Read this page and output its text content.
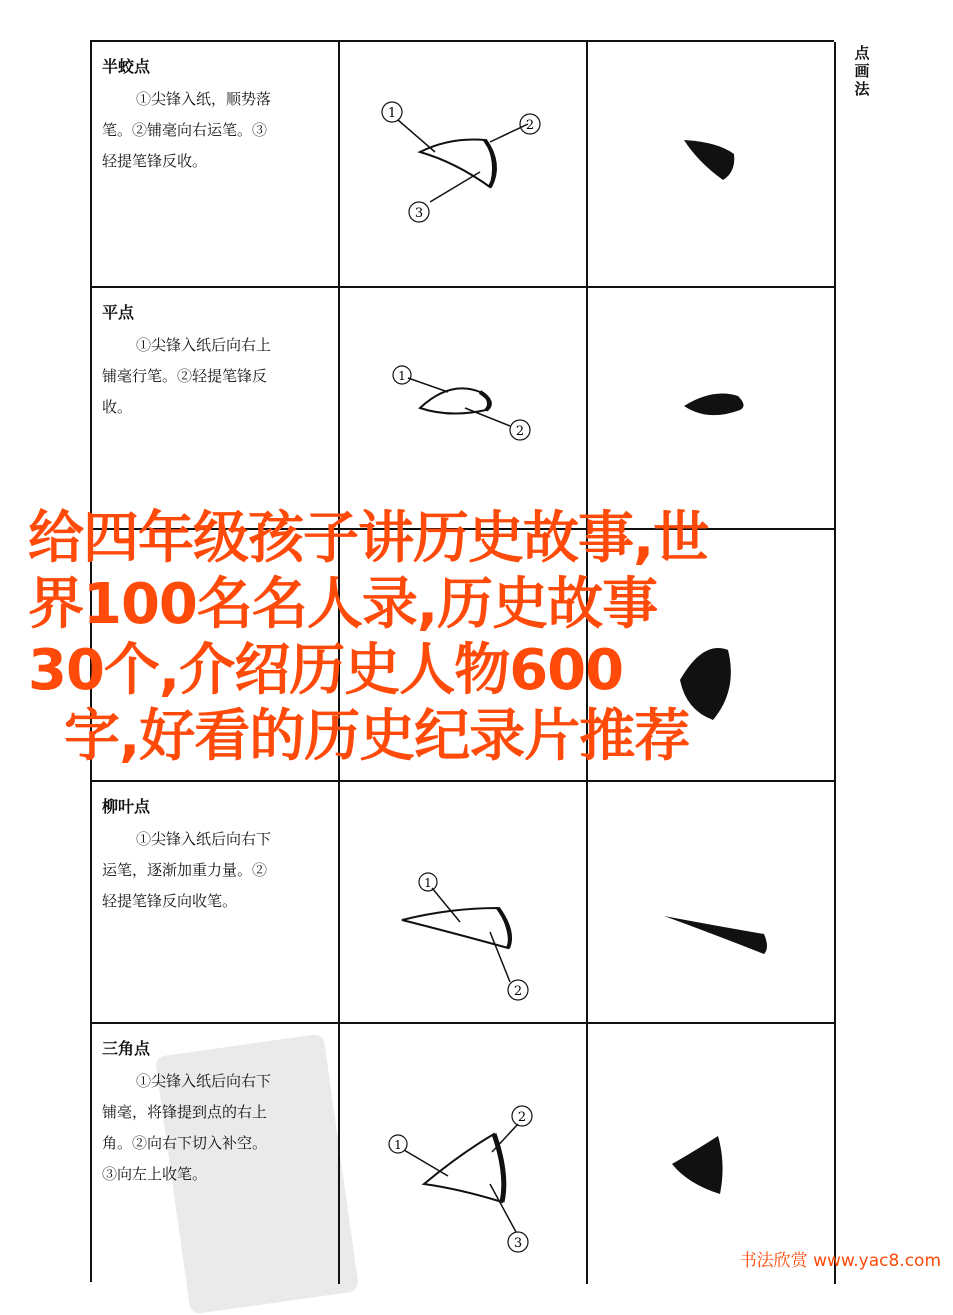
半蛟点
①尖锋入纸，顺势落
笔。②铺毫向右运笔。③
轻提笔锋反收。
1
2
3
平点
①尖锋入纸后向右上
铺毫行笔。②轻提笔锋反
收。
1
2
柳叶点
①尖锋入纸后向右下
运笔，逐渐加重力量。②
轻提笔锋反向收笔。
1
2
三角点
①尖锋入纸后向右下
铺毫，将锋提到点的右上
角。②向右下切入补空。
③向左上收笔。
1
2
3
点
画
法
给四年级孩子讲历史故事,世
界100名名人录,历史故事
30个,介绍历史人物600
字,好看的历史纪录片推荐
书法欣赏 www.yac8.com
